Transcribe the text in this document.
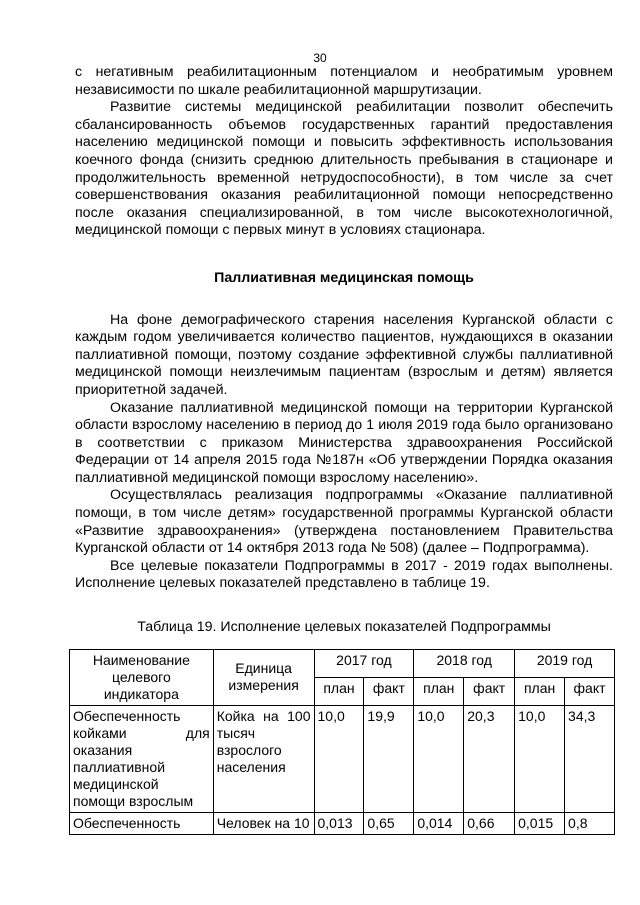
30

с негативным реабилитационным потенциалом и необратимым уровнем независимости по шкале реабилитационной маршрутизации.

Развитие системы медицинской реабилитации позволит обеспечить сбалансированность объемов государственных гарантий предоставления населению медицинской помощи и повысить эффективность использования коечного фонда (снизить среднюю длительность пребывания в стационаре и продолжительность временной нетрудоспособности), в том числе за счет совершенствования оказания реабилитационной помощи непосредственно после оказания специализированной, в том числе высокотехнологичной, медицинской помощи с первых минут в условиях стационара.

Паллиативная медицинская помощь

На фоне демографического старения населения Курганской области с каждым годом увеличивается количество пациентов, нуждающихся в оказании паллиативной помощи, поэтому создание эффективной службы паллиативной медицинской помощи неизлечимым пациентам (взрослым и детям) является приоритетной задачей.

Оказание паллиативной медицинской помощи на территории Курганской области взрослому населению в период до 1 июля 2019 года было организовано в соответствии с приказом Министерства здравоохранения Российской Федерации от 14 апреля 2015 года №187н «Об утверждении Порядка оказания паллиативной медицинской помощи взрослому населению».

Осуществлялась реализация подпрограммы «Оказание паллиативной помощи, в том числе детям» государственной программы Курганской области «Развитие здравоохранения» (утверждена постановлением Правительства Курганской области от 14 октября 2013 года № 508) (далее – Подпрограмма).

Все целевые показатели Подпрограммы в 2017 - 2019 годах выполнены. Исполнение целевых показателей представлено в таблице 19.

Таблица 19. Исполнение целевых показателей Подпрограммы

Наименование целевого индикатора	Единица измерения	2017 год		2018 год		2019 год	
		план	факт	план	факт	план	факт
Обеспеченность койками для оказания паллиативной медицинской помощи взрослым	Койка на 100 тысяч взрослого населения	10,0	19,9	10,0	20,3	10,0	34,3
Обеспеченность	Человек на 10	0,013	0,65	0,014	0,66	0,015	0,8
